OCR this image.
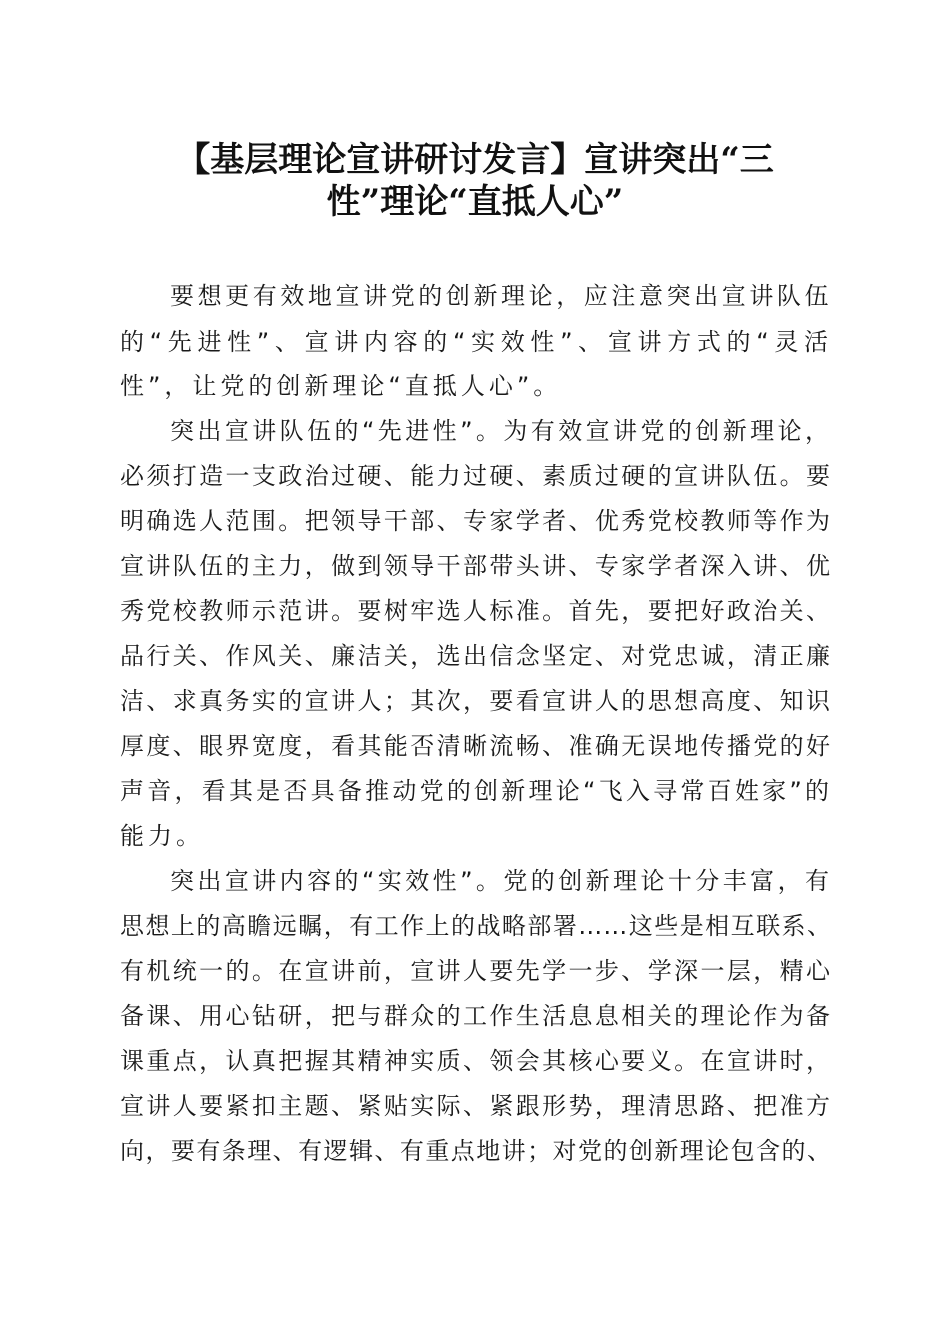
【基层理论宣讲研讨发言】宣讲突出“三
性”理论“直抵人心”
要想更有效地宣讲党的创新理论，应注意突出宣讲队伍
的“先进性”、宣讲内容的“实效性”、宣讲方式的“灵活
性”，让党的创新理论“直抵人心”。
突出宣讲队伍的“先进性”。为有效宣讲党的创新理论，
必须打造一支政治过硬、能力过硬、素质过硬的宣讲队伍。要
明确选人范围。把领导干部、专家学者、优秀党校教师等作为
宣讲队伍的主力，做到领导干部带头讲、专家学者深入讲、优
秀党校教师示范讲。要树牢选人标准。首先，要把好政治关、
品行关、作风关、廉洁关，选出信念坚定、对党忠诚，清正廉
洁、求真务实的宣讲人；其次，要看宣讲人的思想高度、知识
厚度、眼界宽度，看其能否清晰流畅、准确无误地传播党的好
声音，看其是否具备推动党的创新理论“飞入寻常百姓家”的
能力。
突出宣讲内容的“实效性”。党的创新理论十分丰富，有
思想上的高瞻远瞩，有工作上的战略部署……这些是相互联系、
有机统一的。在宣讲前，宣讲人要先学一步、学深一层，精心
备课、用心钻研，把与群众的工作生活息息相关的理论作为备
课重点，认真把握其精神实质、领会其核心要义。在宣讲时，
宣讲人要紧扣主题、紧贴实际、紧跟形势，理清思路、把准方
向，要有条理、有逻辑、有重点地讲；对党的创新理论包含的、
